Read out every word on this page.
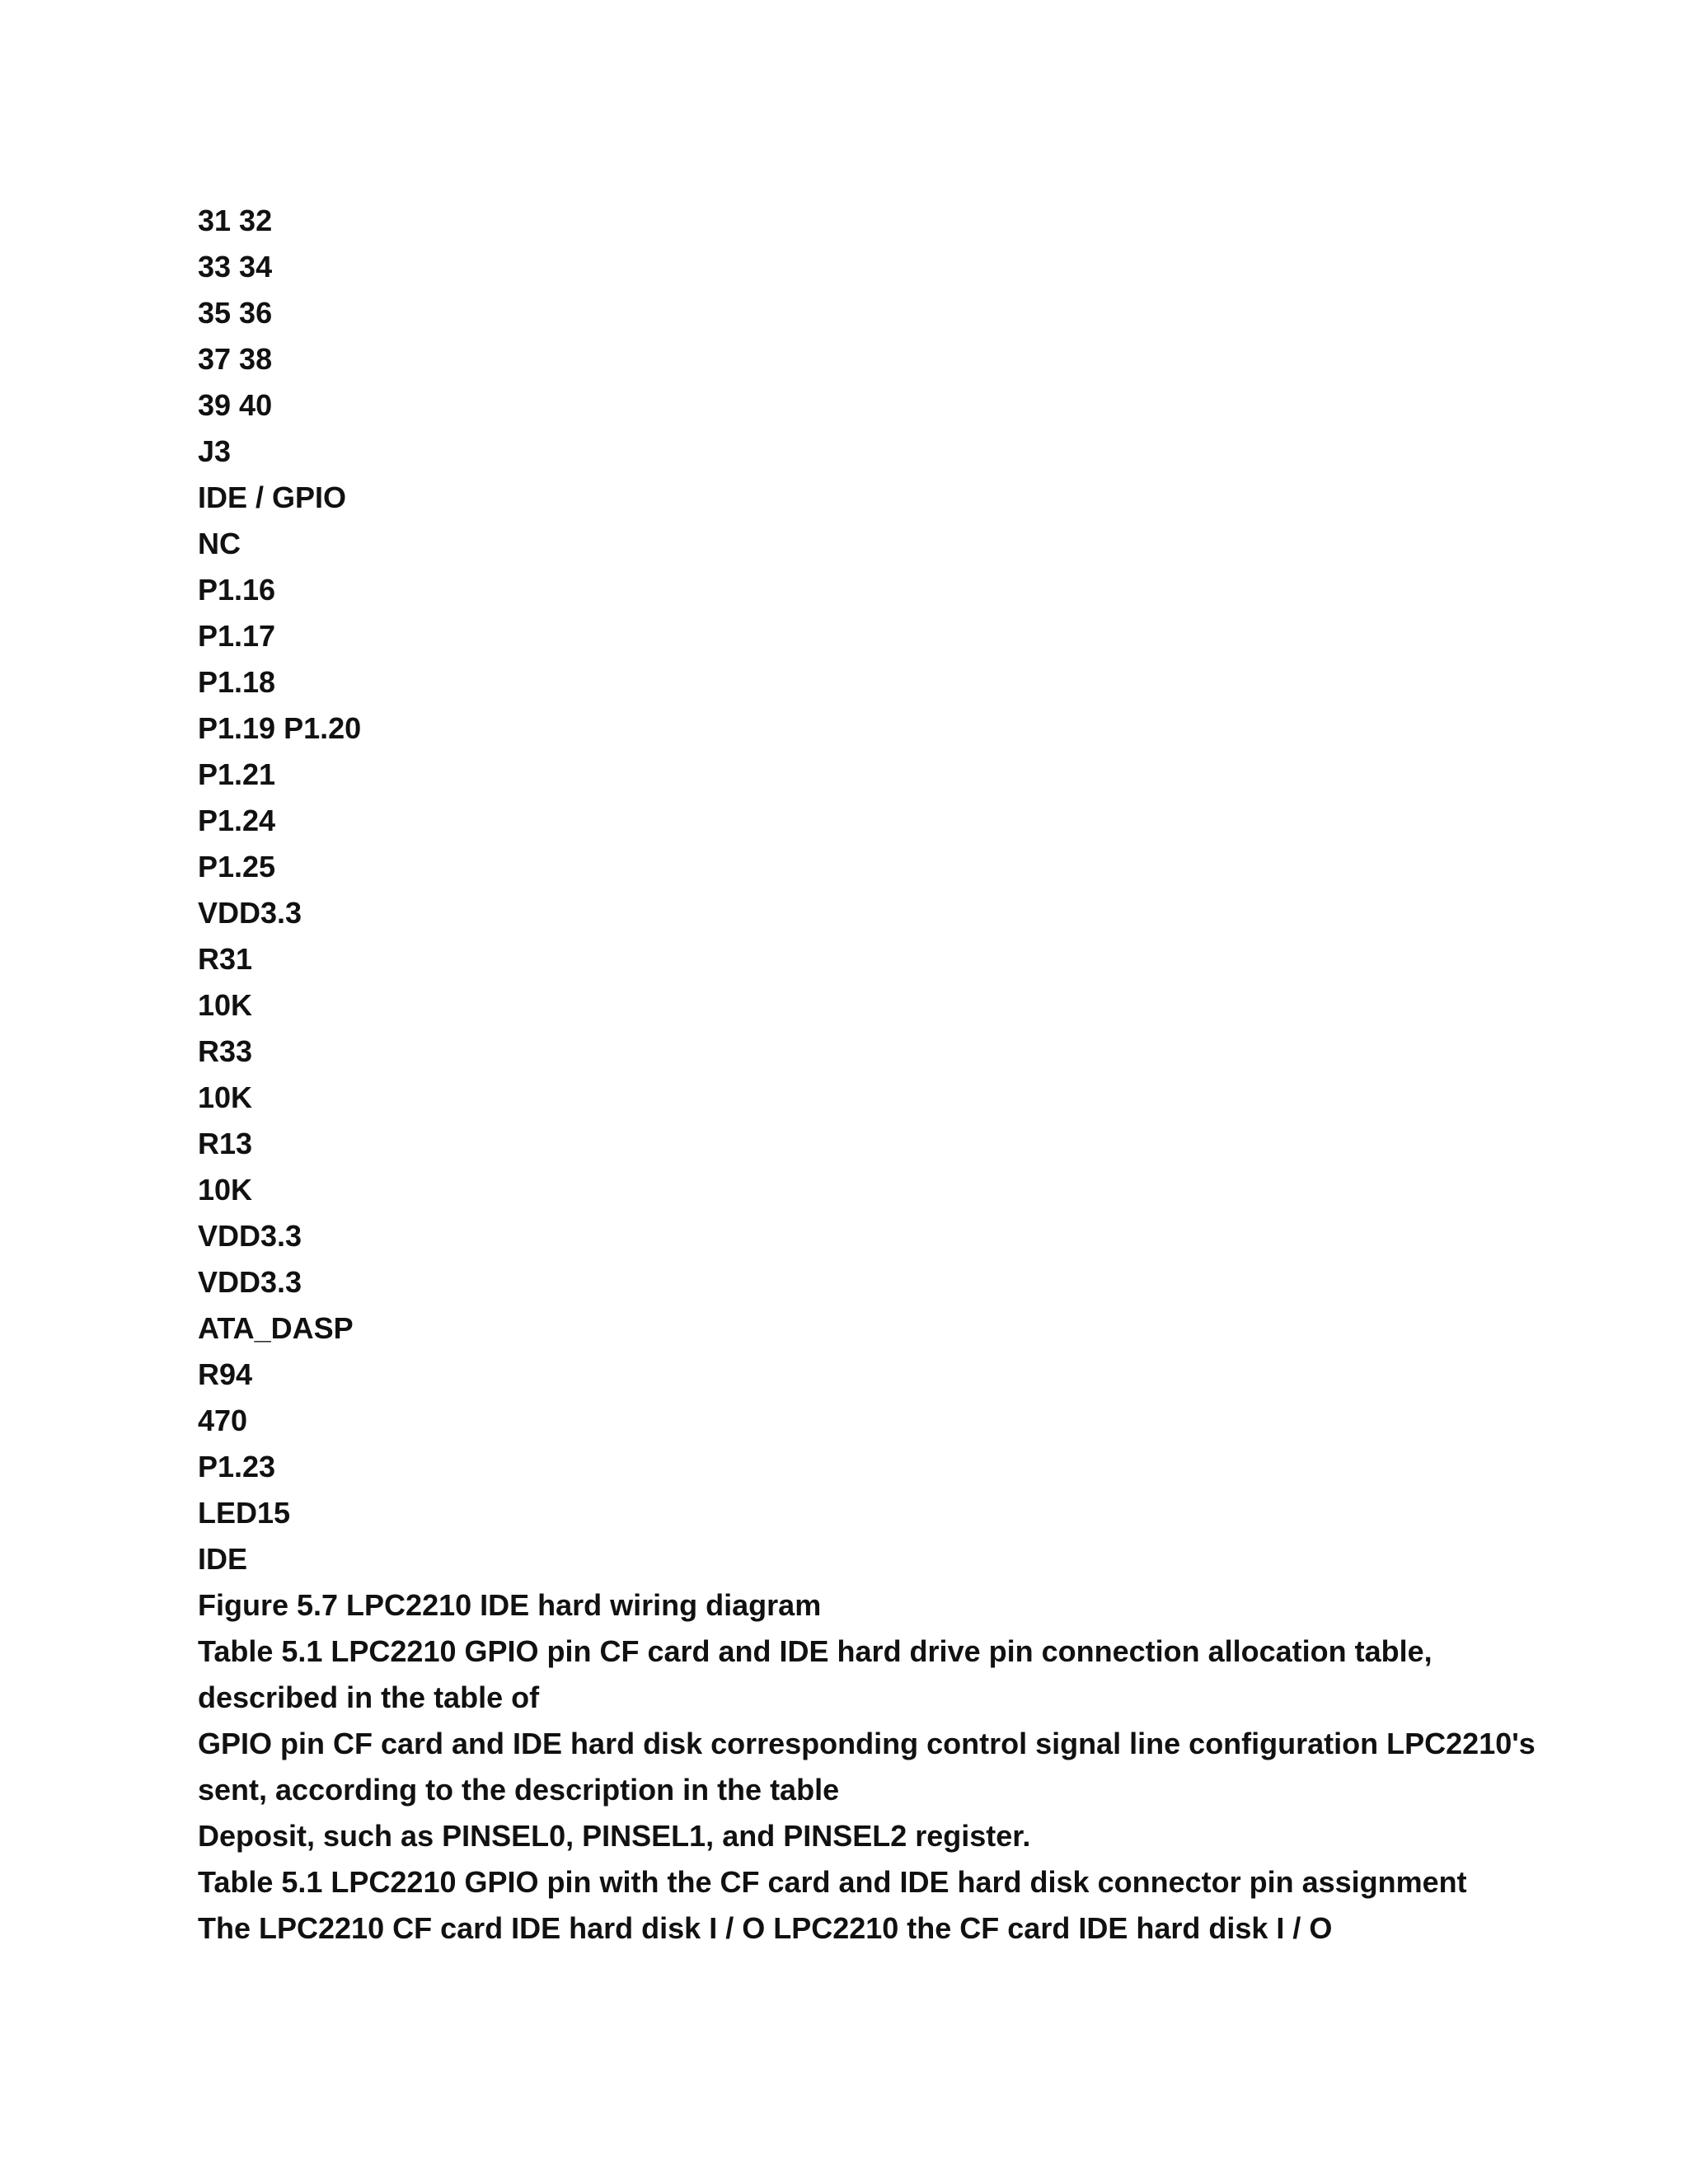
31 32
33 34
35 36
37 38
39 40
J3
IDE / GPIO
NC
P1.16
P1.17
P1.18
P1.19 P1.20
P1.21
P1.24
P1.25
VDD3.3
R31
10K
R33
10K
R13
10K
VDD3.3
VDD3.3
ATA_DASP
R94
470
P1.23
LED15
IDE
Figure 5.7 LPC2210 IDE hard wiring diagram
Table 5.1 LPC2210 GPIO pin CF card and IDE hard drive pin connection allocation table,
described in the table of
GPIO pin CF card and IDE hard disk corresponding control signal line configuration LPC2210's
sent, according to the description in the table
Deposit, such as PINSEL0, PINSEL1, and PINSEL2 register.
Table 5.1 LPC2210 GPIO pin with the CF card and IDE hard disk connector pin assignment
The LPC2210 CF card IDE hard disk I / O LPC2210 the CF card IDE hard disk I / O
